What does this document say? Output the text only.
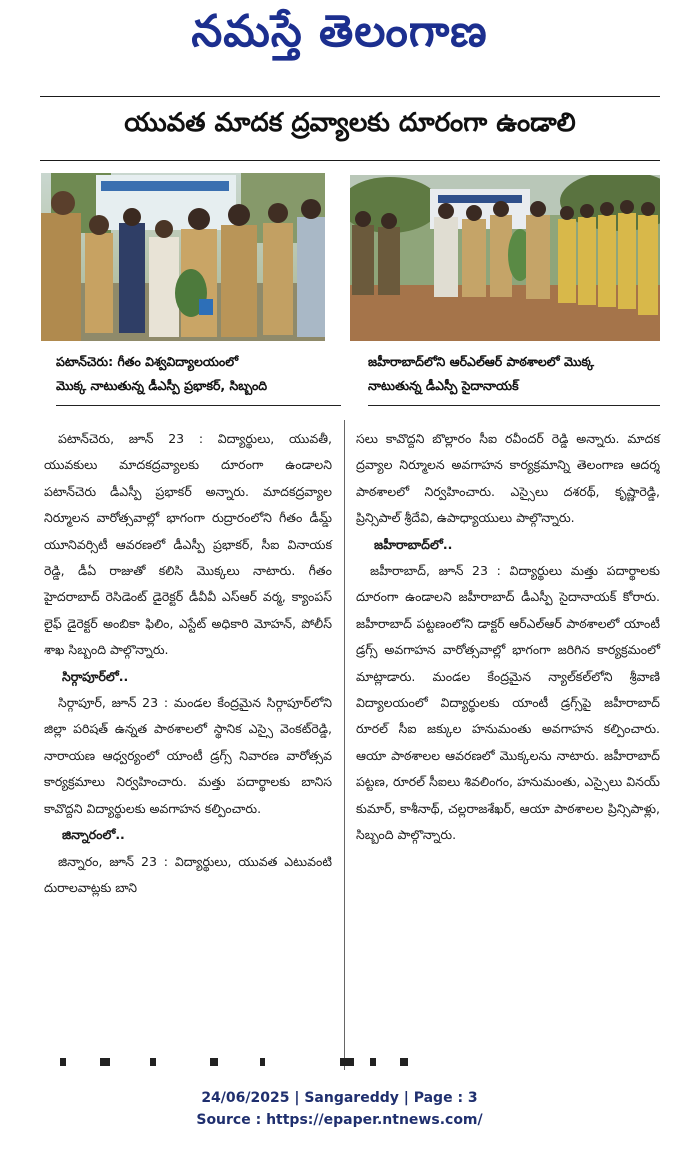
నమస్తే తెలంగాణ
యువత మాదక ద్రవ్యాలకు దూరంగా ఉండాలి
పటాన్‌చెరు: గీతం విశ్వవిద్యాలయంలో
మొక్క నాటుతున్న డీఎస్పీ ప్రభాకర్, సిబ్బంది
జహీరాబాద్‌లోని ఆర్‌ఎల్‌ఆర్ పాఠశాలలో మొక్క
నాటుతున్న డీఎస్పీ సైదానాయక్

పటాన్‌చెరు, జూన్ 23 : విద్యార్థులు, యువతీ, యువకులు మాదకద్రవ్యాలకు దూరంగా ఉండాలని పటాన్‌చెరు డీఎస్పీ ప్రభాకర్ అన్నారు. మాదకద్రవ్యాల నిర్మూలన వారోత్సవాల్లో భాగంగా రుద్రారంలోని గీతం డీమ్డ్ యూనివర్సిటీ ఆవరణలో డీఎస్పీ ప్రభాకర్, సీఐ వినాయక రెడ్డి, డీఏ రాజుతో కలిసి మొక్కలు నాటారు. గీతం హైదరాబాద్ రెసిడెంట్ డైరెక్టర్ డీవీవీ ఎస్‌ఆర్ వర్మ, క్యాంపస్ లైఫ్ డైరెక్టర్ అంబికా ఫిలిం, ఎస్టేట్ అధికారి మోహన్, పోలీస్ శాఖ సిబ్బంది పాల్గొన్నారు.

సిర్గాపూర్‌లో..

సిర్గాపూర్, జూన్ 23 : మండల కేంద్రమైన సిర్గాపూర్‌లోని జిల్లా పరిషత్ ఉన్నత పాఠశాలలో స్థానిక ఎస్సై వెంకట్‌రెడ్డి, నారాయణ ఆధ్వర్యంలో యాంటీ డ్రగ్స్ నివారణ వారోత్సవ కార్యక్రమాలు నిర్వహించారు. మత్తు పదార్థాలకు బానిస కావొద్దని విద్యార్థులకు అవగాహన కల్పించారు.

జిన్నారంలో..

జిన్నారం, జూన్ 23 : విద్యార్థులు, యువత ఎటువంటి దురాలవాట్లకు బాని

సలు కావొద్దని బొల్లారం సీఐ రవీందర్ రెడ్డి అన్నారు. మాదక ద్రవ్యాల నిర్మూలన అవగాహన కార్యక్రమాన్ని తెలంగాణ ఆదర్శ పాఠశాలలో నిర్వహించారు. ఎస్సైలు దశరథ్, కృష్ణారెడ్డి, ప్రిన్సిపాల్ శ్రీదేవి, ఉపాధ్యాయులు పాల్గొన్నారు.

జహీరాబాద్‌లో..

జహీరాబాద్, జూన్ 23 : విద్యార్థులు మత్తు పదార్థాలకు దూరంగా ఉండాలని జహీరాబాద్ డీఎస్పీ సైదానాయక్ కోరారు. జహీరాబాద్ పట్టణంలోని డాక్టర్ ఆర్‌ఎల్‌ఆర్ పాఠశాలలో యాంటీ డ్రగ్స్ అవగాహన వారోత్సవాల్లో భాగంగా జరిగిన కార్యక్రమంలో మాట్లాడారు. మండల కేంద్రమైన న్యాల్‌కల్‌లోని శ్రీవాణి విద్యాలయంలో విద్యార్థులకు యాంటీ డ్రగ్స్‌పై జహీరాబాద్ రూరల్ సీఐ జక్కుల హనుమంతు అవగాహన కల్పించారు. ఆయా పాఠశాలల ఆవరణలో మొక్కలను నాటారు. జహీరాబాద్ పట్టణ, రూరల్ సీఐలు శివలింగం, హనుమంతు, ఎస్సైలు వినయ్ కుమార్, కాశీనాథ్, చల్లరాజశేఖర్, ఆయా పాఠశాలల ప్రిన్సిపాళ్లు, సిబ్బంది పాల్గొన్నారు.

24/06/2025 | Sangareddy | Page : 3
Source : https://epaper.ntnews.com/
